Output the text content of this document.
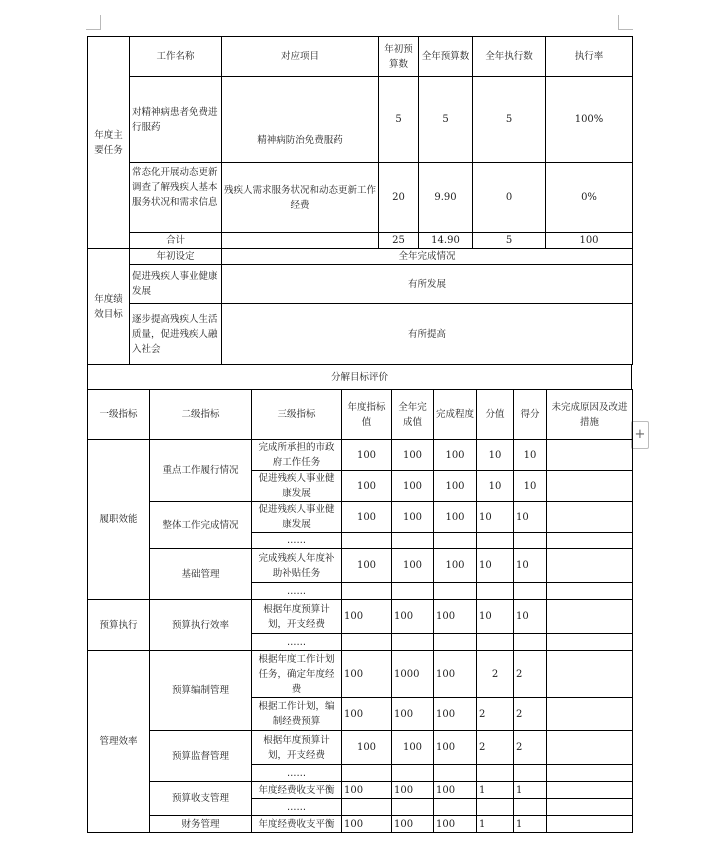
+
年度主要任务	工作名称	对应项目	年初预算数	全年预算数	全年执行数	执行率
	对精神病患者免费进行服药	精神病防治免费服药	5	5	5	100%
	常态化开展动态更新调查了解残疾人基本服务状况和需求信息	残疾人需求服务状况和动态更新工作经费	20	9.90	0	0%
	合计		25	14.90	5	100
年度绩效目标	年初设定	全年完成情况
	促进残疾人事业健康发展	有所发展
	逐步提高残疾人生活质量，促进残疾人融入社会	有所提高
分解目标评价
一级指标	二级指标	三级指标	年度指标值	全年完成值	完成程度	分值	得分	未完成原因及改进措施
履职效能	重点工作履行情况	完成所承担的市政府工作任务	100	100	100	10	10	
		促进残疾人事业健康发展	100	100	100	10	10	
	整体工作完成情况	促进残疾人事业健康发展	100	100	100	10	10	
		……						
	基础管理	完成残疾人年度补助补贴任务	100	100	100	10	10	
		……						
预算执行	预算执行效率	根据年度预算计划，开支经费	100	100	100	10	10	
		……						
管理效率	预算编制管理	根据年度工作计划任务，确定年度经费	100	1000	100	2	2	
		根据工作计划，编制经费预算	100	100	100	2	2	
	预算监督管理	根据年度预算计划，开支经费	100	100	100	2	2	
		……						
	预算收支管理	年度经费收支平衡	100	100	100	1	1	
		……						
	财务管理	年度经费收支平衡	100	100	100	1	1	
